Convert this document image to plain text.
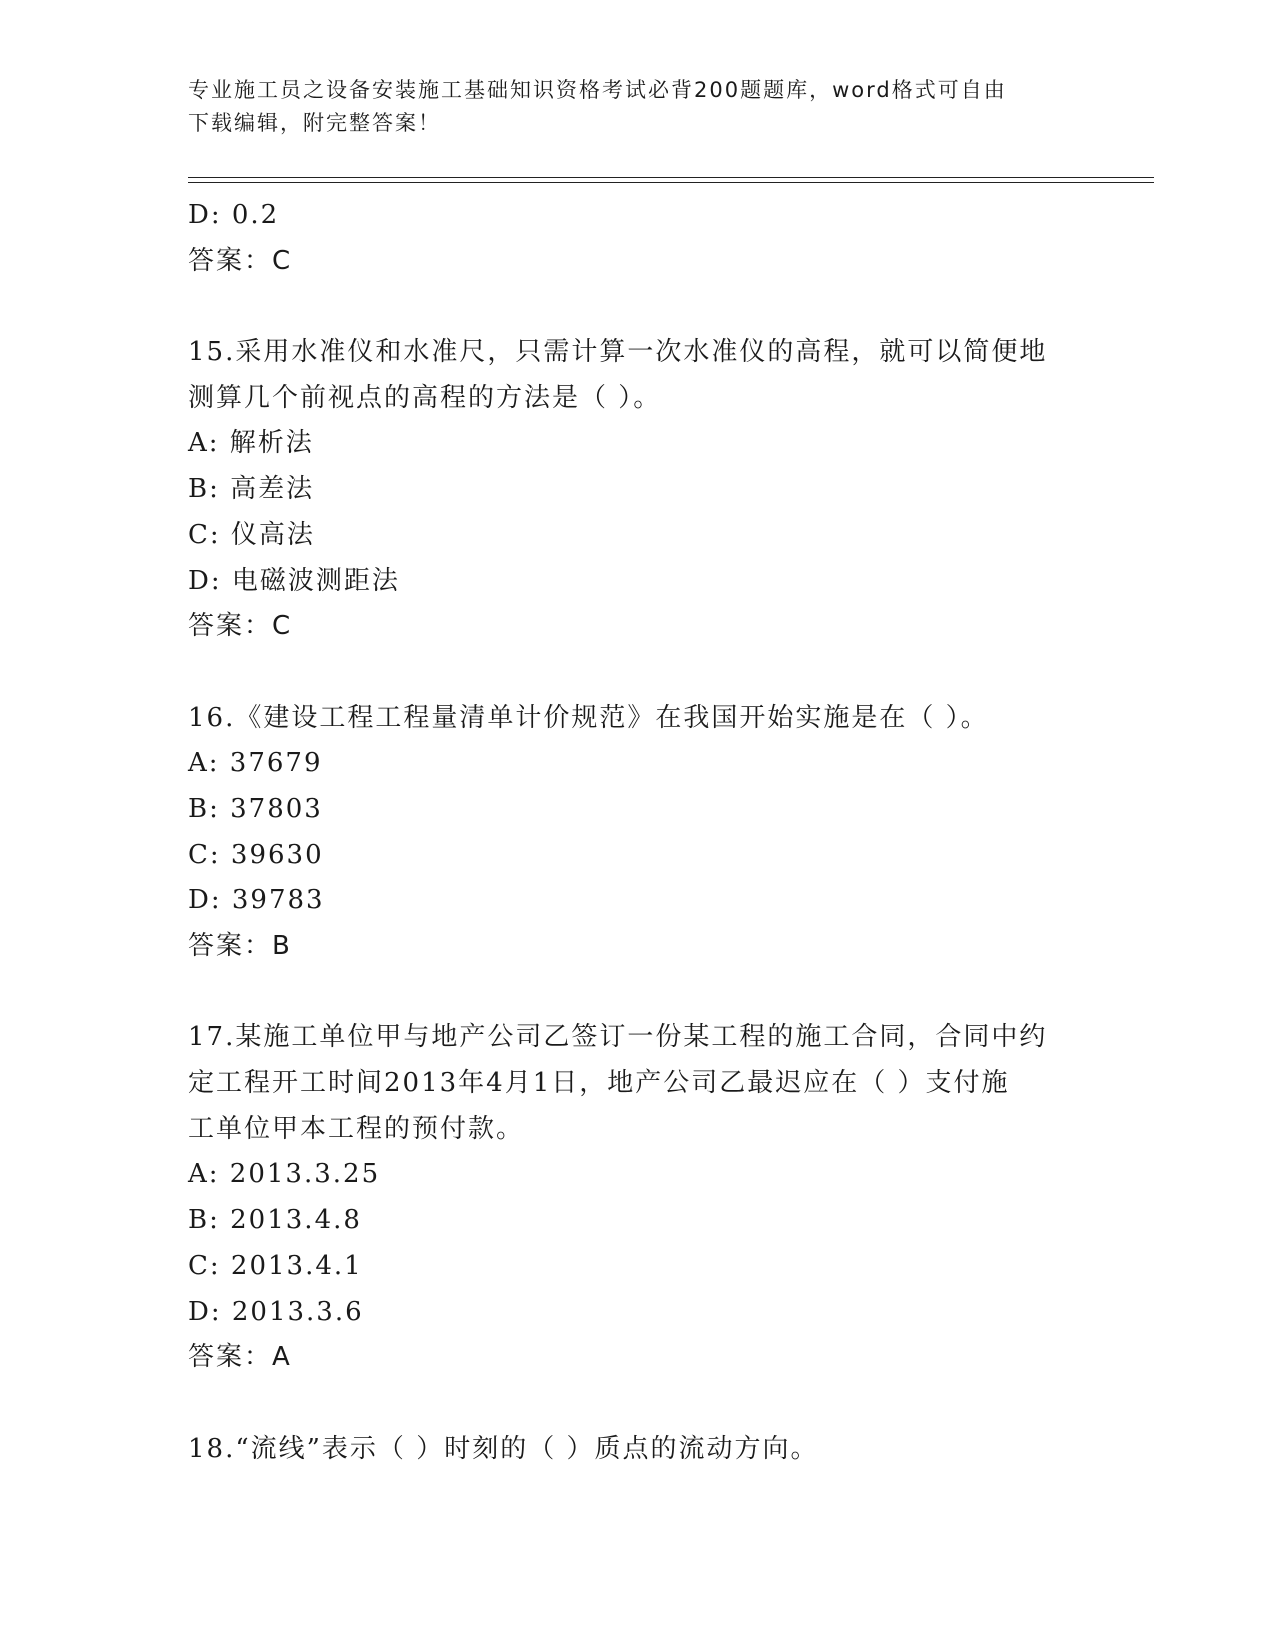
专业施工员之设备安装施工基础知识资格考试必背200题题库，word格式可自由
下载编辑，附完整答案！
D: 0.2
答案：C
15.采用水准仪和水准尺，只需计算一次水准仪的高程，就可以简便地
测算几个前视点的高程的方法是（ ）。
A: 解析法
B: 高差法
C: 仪高法
D: 电磁波测距法
答案：C
16.《建设工程工程量清单计价规范》在我国开始实施是在（ ）。
A: 37679
B: 37803
C: 39630
D: 39783
答案：B
17.某施工单位甲与地产公司乙签订一份某工程的施工合同，合同中约
定工程开工时间2013年4月1日，地产公司乙最迟应在（ ）支付施
工单位甲本工程的预付款。
A: 2013.3.25
B: 2013.4.8
C: 2013.4.1
D: 2013.3.6
答案：A
18.“流线”表示（ ）时刻的（ ）质点的流动方向。
